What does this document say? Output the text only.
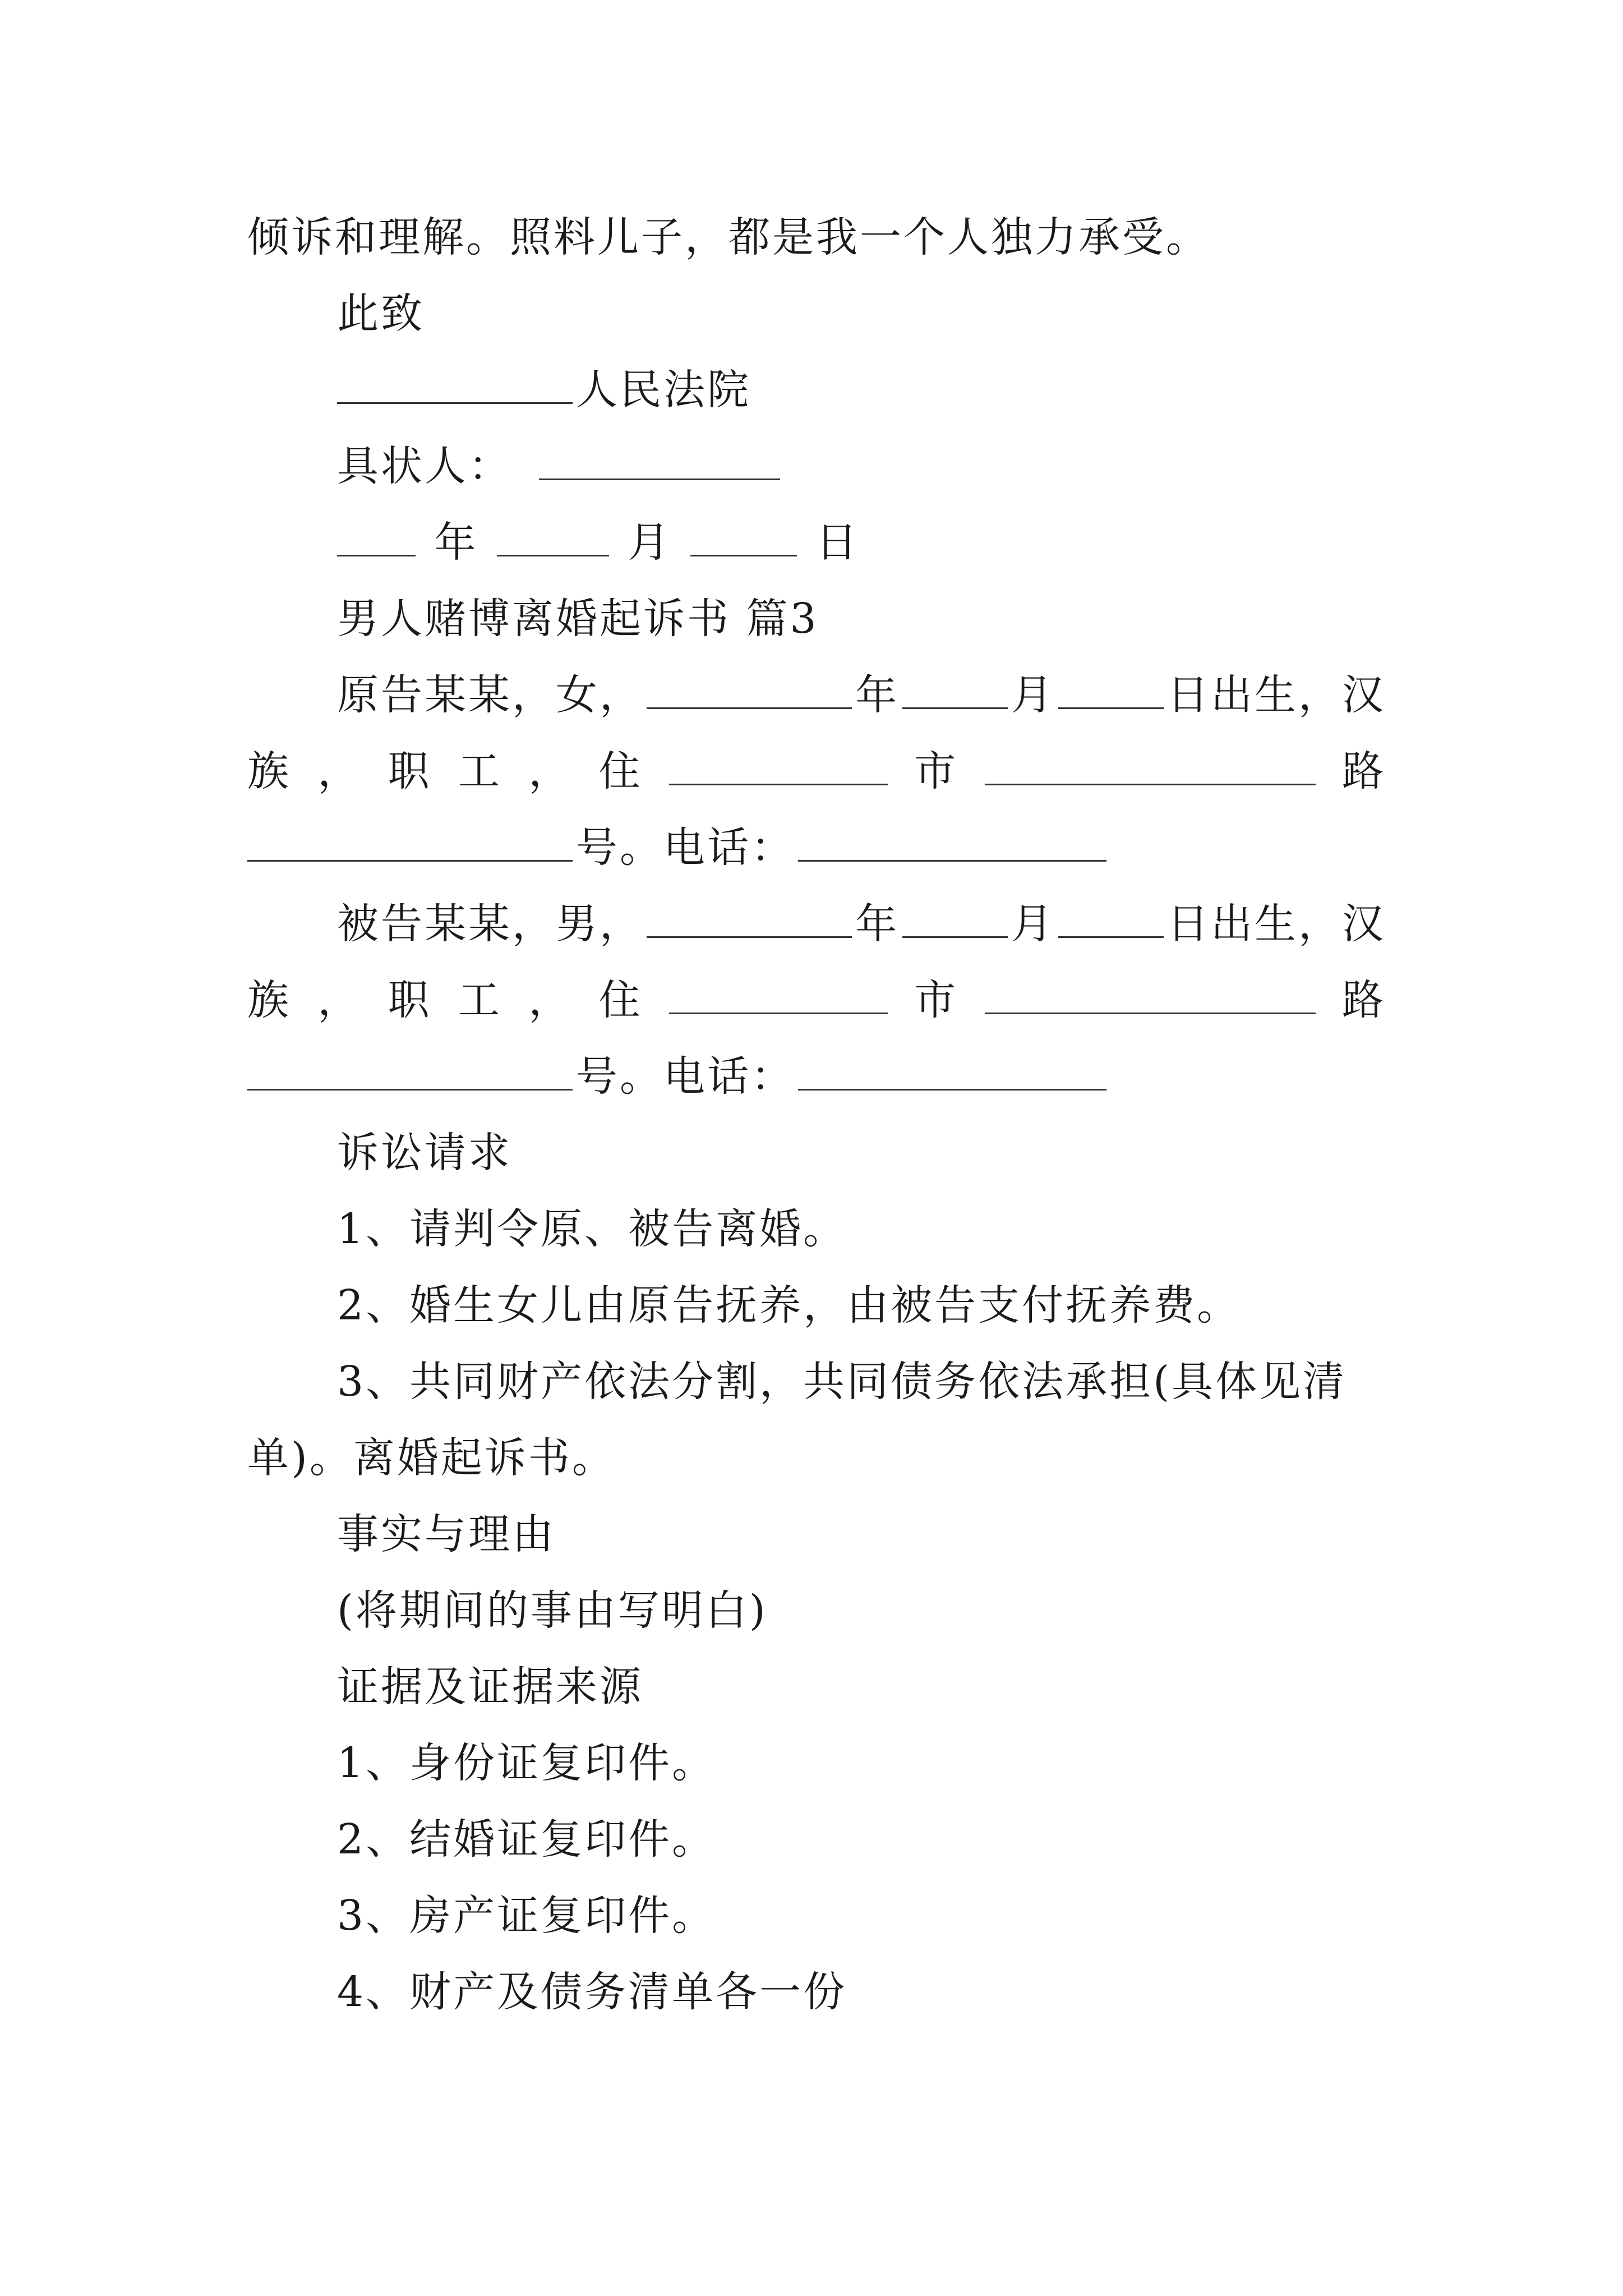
倾诉和理解。照料儿子，都是我一个人独力承受。
此致
人民法院
具状人：
年	月	日
男人赌博离婚起诉书 篇3
原告某某，女，	年	月	日出生，汉
族 ， 职 工 ， 住	市	路
号。电话：
被告某某，男，	年	月	日出生，汉
族 ， 职 工 ， 住	市	路
号。电话：
诉讼请求
1、请判令原、被告离婚。
2、婚生女儿由原告抚养，由被告支付抚养费。
3、共同财产依法分割，共同债务依法承担(具体见清
单)。离婚起诉书。
事实与理由
(将期间的事由写明白)
证据及证据来源
1、身份证复印件。
2、结婚证复印件。
3、房产证复印件。
4、财产及债务清单各一份
